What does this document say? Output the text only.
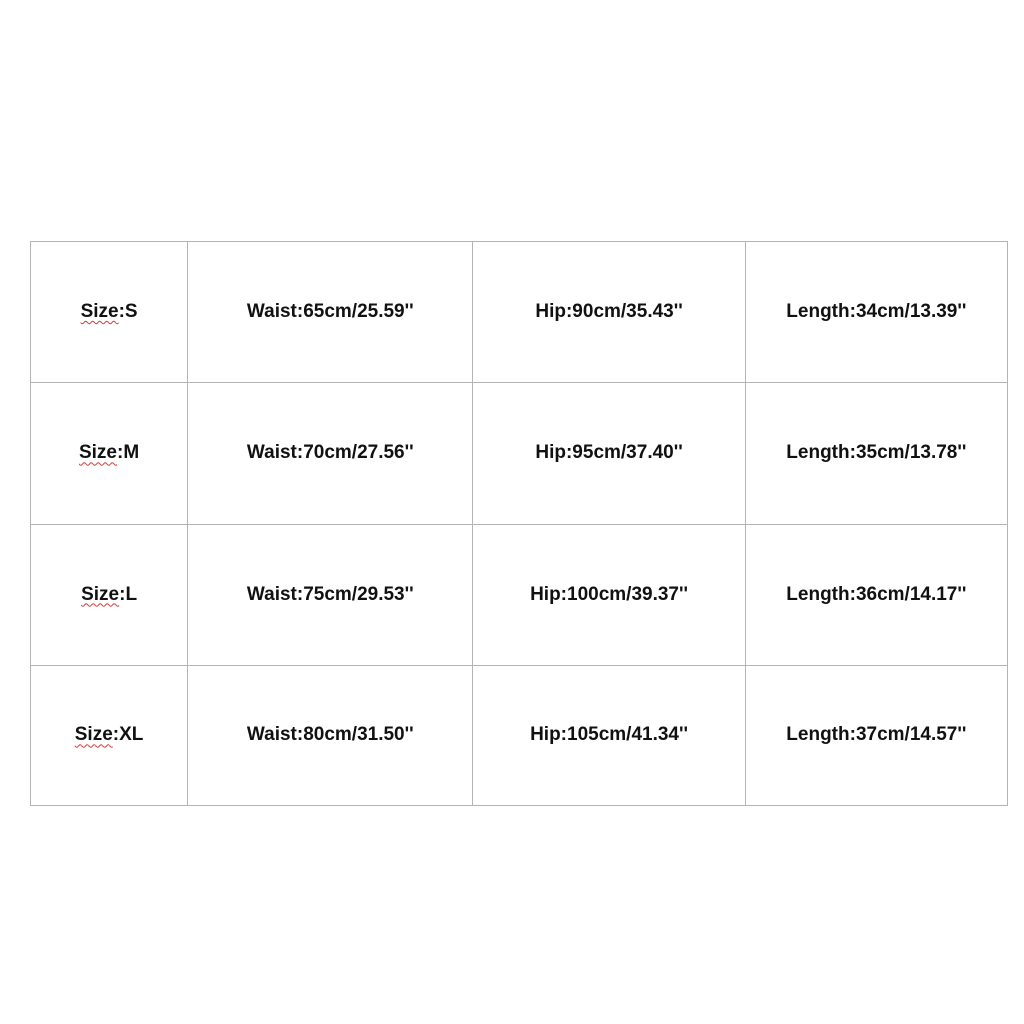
Size:S	Waist:65cm/25.59''	Hip:90cm/35.43''	Length:34cm/13.39''
Size:M	Waist:70cm/27.56''	Hip:95cm/37.40''	Length:35cm/13.78''
Size:L	Waist:75cm/29.53''	Hip:100cm/39.37''	Length:36cm/14.17''
Size:XL	Waist:80cm/31.50''	Hip:105cm/41.34''	Length:37cm/14.57''
